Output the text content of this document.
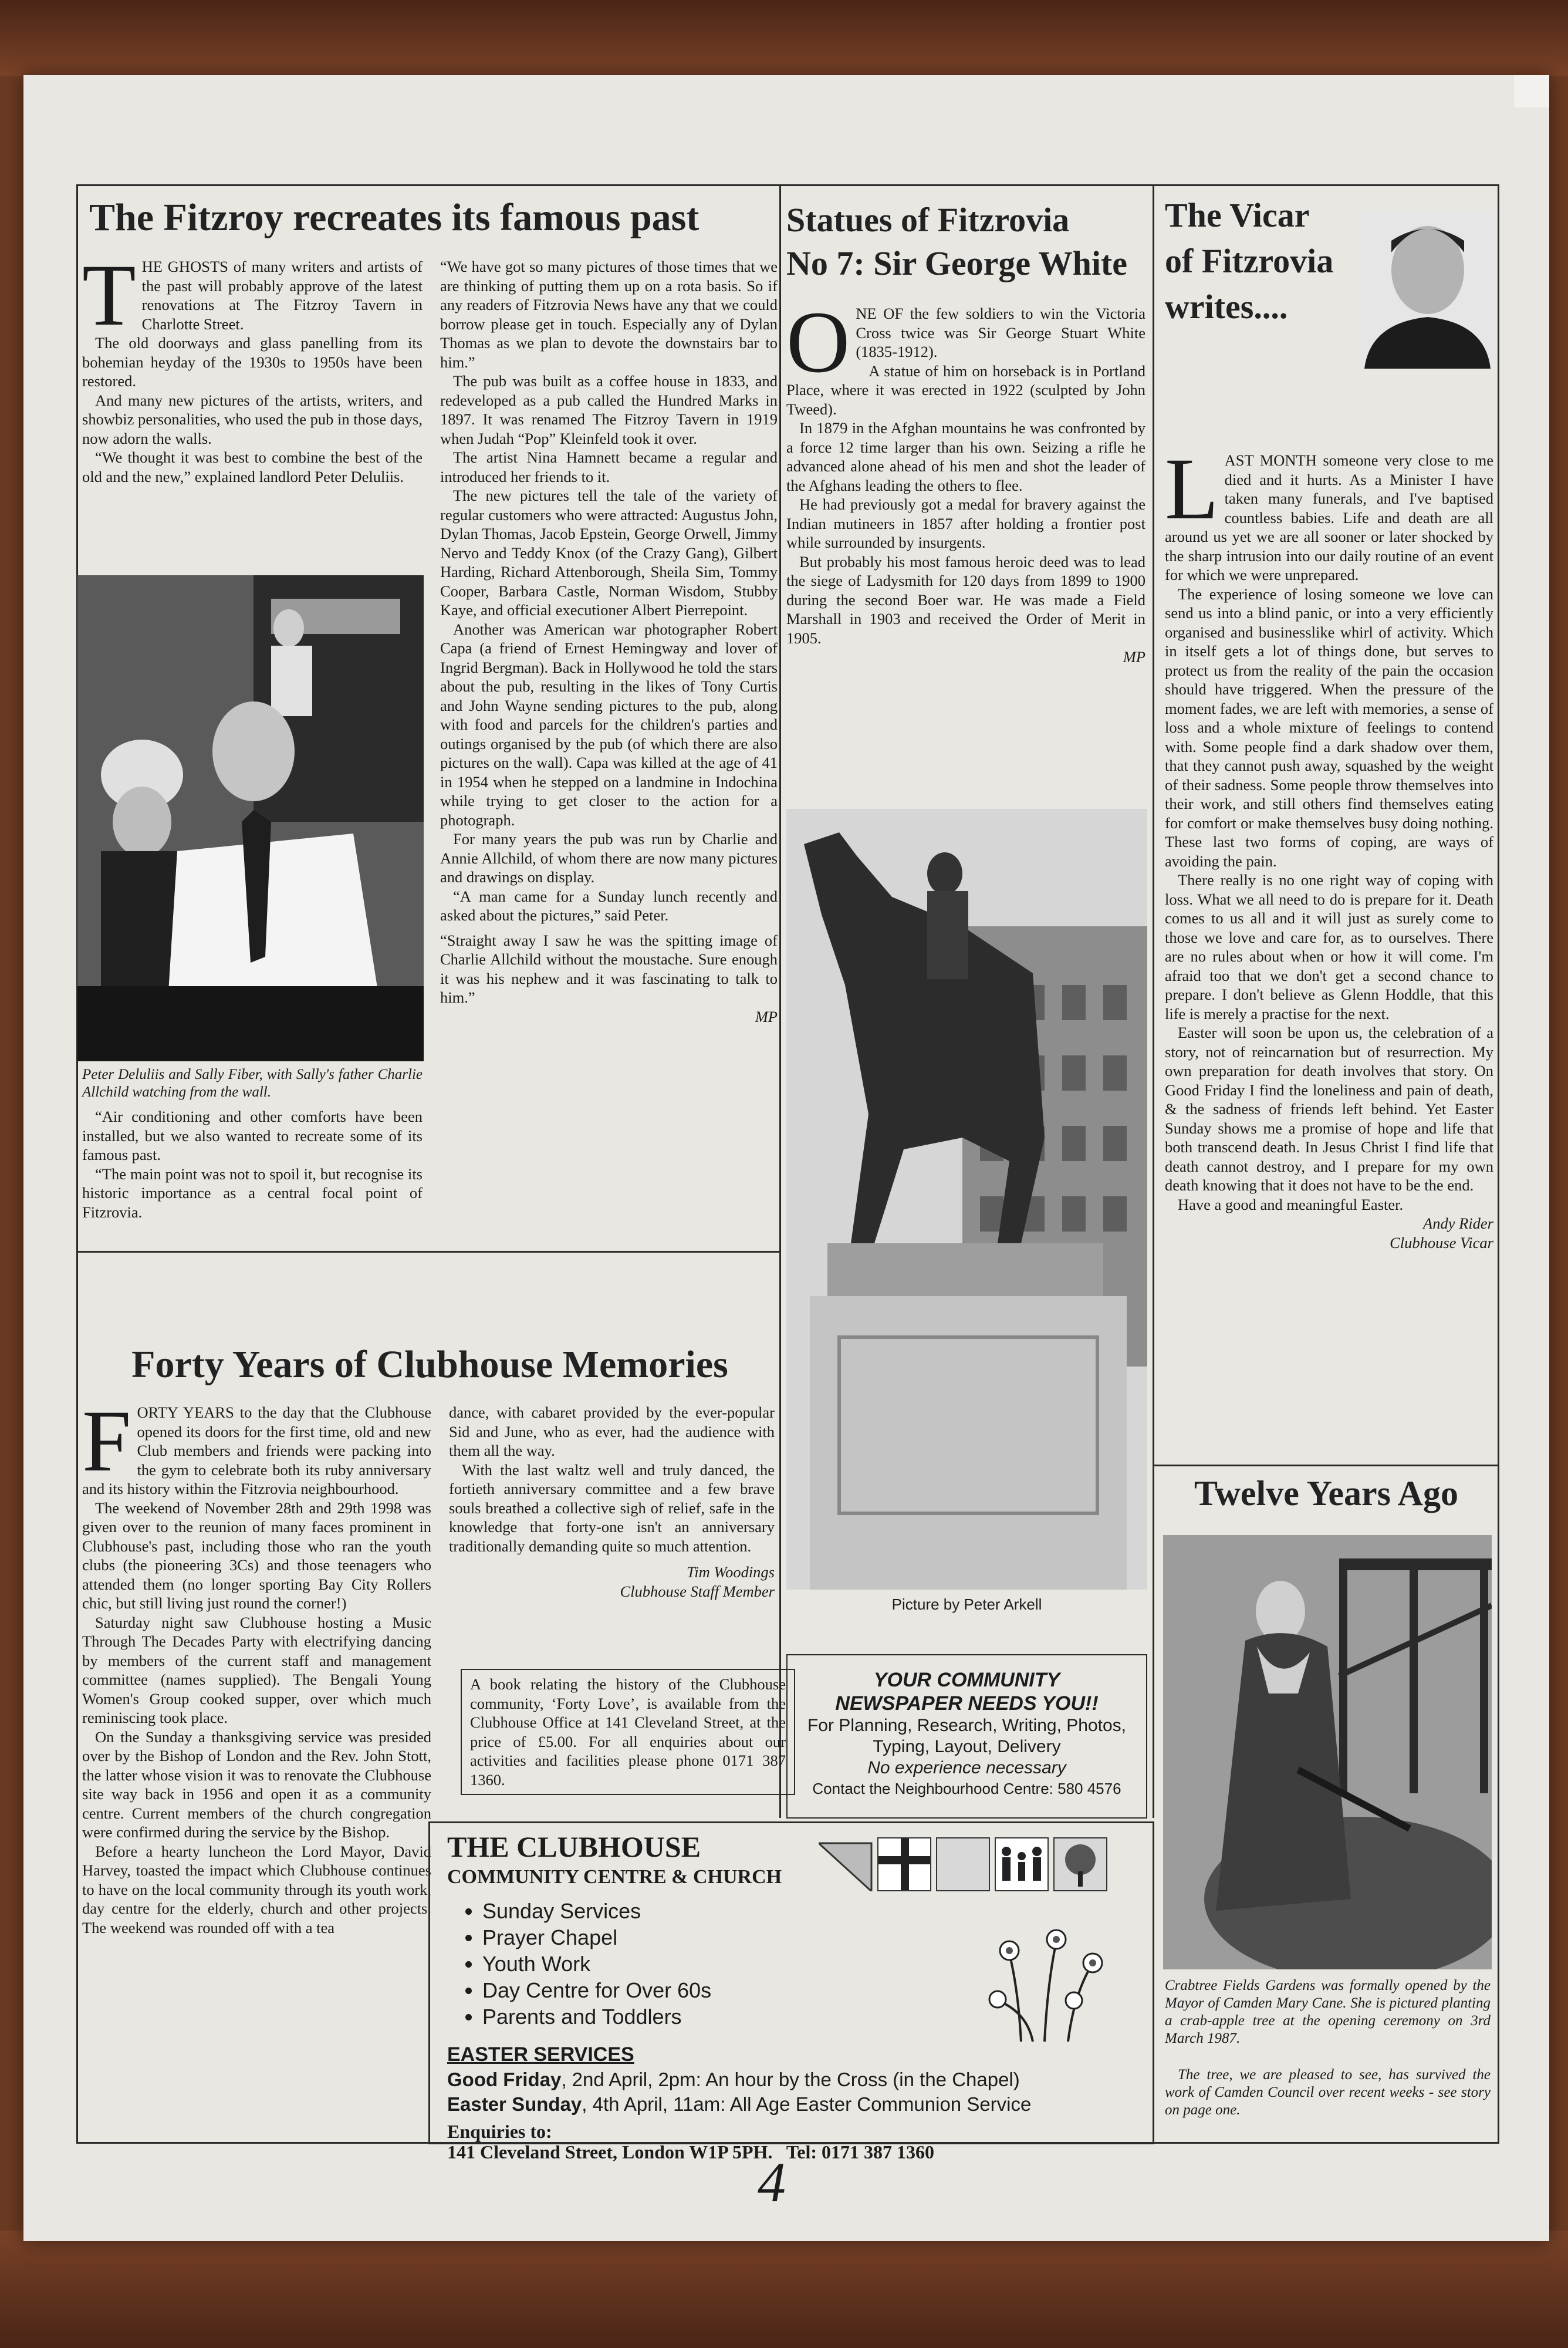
The Fitzroy recreates its famous past

THE GHOSTS of many writers and artists of the past will probably approve of the latest renovations at The Fitzroy Tavern in Charlotte Street.

The old doorways and glass panelling from its bohemian heyday of the 1930s to 1950s have been restored.

And many new pictures of the artists, writers, and showbiz personalities, who used the pub in those days, now adorn the walls.

“We thought it was best to combine the best of the old and the new,” explained landlord Peter Deluliis.

Peter Deluliis and Sally Fiber, with Sally's father Charlie Allchild watching from the wall.

“Air conditioning and other comforts have been installed, but we also wanted to recreate some of its famous past.

“The main point was not to spoil it, but recognise its historic importance as a central focal point of Fitzrovia.

“We have got so many pictures of those times that we are thinking of putting them up on a rota basis. So if any readers of Fitzrovia News have any that we could borrow please get in touch. Especially any of Dylan Thomas as we plan to devote the downstairs bar to him.”

The pub was built as a coffee house in 1833, and redeveloped as a pub called the Hundred Marks in 1897. It was renamed The Fitzroy Tavern in 1919 when Judah “Pop” Kleinfeld took it over.

The artist Nina Hamnett became a regular and introduced her friends to it.

The new pictures tell the tale of the variety of regular customers who were attracted: Augustus John, Dylan Thomas, Jacob Epstein, George Orwell, Jimmy Nervo and Teddy Knox (of the Crazy Gang), Gilbert Harding, Richard Attenborough, Sheila Sim, Tommy Cooper, Barbara Castle, Norman Wisdom, Stubby Kaye, and official executioner Albert Pierrepoint.

Another was American war photographer Robert Capa (a friend of Ernest Hemingway and lover of Ingrid Bergman). Back in Hollywood he told the stars about the pub, resulting in the likes of Tony Curtis and John Wayne sending pictures to the pub, along with food and parcels for the children's parties and outings organised by the pub (of which there are also pictures on the wall). Capa was killed at the age of 41 in 1954 when he stepped on a landmine in Indochina while trying to get closer to the action for a photograph.

For many years the pub was run by Charlie and Annie Allchild, of whom there are now many pictures and drawings on display.

“A man came for a Sunday lunch recently and asked about the pictures,” said Peter.

“Straight away I saw he was the spitting image of Charlie Allchild without the moustache. Sure enough it was his nephew and it was fascinating to talk to him.”

MP
Statues of Fitzrovia
No 7: Sir George White

ONE OF the few soldiers to win the Victoria Cross twice was Sir George Stuart White (1835-1912).

A statue of him on horseback is in Portland Place, where it was erected in 1922 (sculpted by John Tweed).

In 1879 in the Afghan mountains he was confronted by a force 12 time larger than his own. Seizing a rifle he advanced alone ahead of his men and shot the leader of the Afghans leading the others to flee.

He had previously got a medal for bravery against the Indian mutineers in 1857 after holding a frontier post while surrounded by insurgents.

But probably his most famous heroic deed was to lead the siege of Ladysmith for 120 days from 1899 to 1900 during the second Boer war. He was made a Field Marshall in 1903 and received the Order of Merit in 1905.

MP
Picture by Peter Arkell
The Vicar
of Fitzrovia
writes....

LAST MONTH someone very close to me died and it hurts. As a Minister I have taken many funerals, and I've baptised countless babies. Life and death are all around us yet we are all sooner or later shocked by the sharp intrusion into our daily routine of an event for which we were unprepared.

The experience of losing someone we love can send us into a blind panic, or into a very efficiently organised and businesslike whirl of activity. Which in itself gets a lot of things done, but serves to protect us from the reality of the pain the occasion should have triggered. When the pressure of the moment fades, we are left with memories, a sense of loss and a whole mixture of feelings to contend with. Some people find a dark shadow over them, that they cannot push away, squashed by the weight of their sadness. Some people throw themselves into their work, and still others find themselves eating for comfort or make themselves busy doing nothing. These last two forms of coping, are ways of avoiding the pain.

There really is no one right way of coping with loss. What we all need to do is prepare for it. Death comes to us all and it will just as surely come to those we love and care for, as to ourselves. There are no rules about when or how it will come. I'm afraid too that we don't get a second chance to prepare. I don't believe as Glenn Hoddle, that this life is merely a practise for the next.

Easter will soon be upon us, the celebration of a story, not of reincarnation but of resurrection. My own preparation for death involves that story. On Good Friday I find the loneliness and pain of death, & the sadness of friends left behind. Yet Easter Sunday shows me a promise of hope and life that both transcend death. In Jesus Christ I find life that death cannot destroy, and I prepare for my own death knowing that it does not have to be the end.

Have a good and meaningful Easter.

Andy Rider
Clubhouse Vicar
Forty Years of Clubhouse Memories

FORTY YEARS to the day that the Clubhouse opened its doors for the first time, old and new Club members and friends were packing into the gym to celebrate both its ruby anniversary and its history within the Fitzrovia neighbourhood.

The weekend of November 28th and 29th 1998 was given over to the reunion of many faces prominent in Clubhouse's past, including those who ran the youth clubs (the pioneering 3Cs) and those teenagers who attended them (no longer sporting Bay City Rollers chic, but still living just round the corner!)

Saturday night saw Clubhouse hosting a Music Through The Decades Party with electrifying dancing by members of the current staff and management committee (names supplied). The Bengali Young Women's Group cooked supper, over which much reminiscing took place.

On the Sunday a thanksgiving service was presided over by the Bishop of London and the Rev. John Stott, the latter whose vision it was to renovate the Clubhouse site way back in 1956 and open it as a community centre. Current members of the church congregation were confirmed during the service by the Bishop.

Before a hearty luncheon the Lord Mayor, David Harvey, toasted the impact which Clubhouse continues to have on the local community through its youth work, day centre for the elderly, church and other projects. The weekend was rounded off with a tea

dance, with cabaret provided by the ever-popular Sid and June, who as ever, had the audience with them all the way.

With the last waltz well and truly danced, the fortieth anniversary committee and a few brave souls breathed a collective sigh of relief, safe in the knowledge that forty-one isn't an anniversary traditionally demanding quite so much attention.

Tim Woodings
Clubhouse Staff Member
A book relating the history of the Clubhouse community, ‘Forty Love’, is available from the Clubhouse Office at 141 Cleveland Street, at the price of £5.00. For all enquiries about our activities and facilities please phone 0171 387 1360.
YOUR COMMUNITY
NEWSPAPER NEEDS YOU!!
For Planning, Research, Writing, Photos,
Typing, Layout, Delivery
No experience necessary
Contact the Neighbourhood Centre: 580 4576
THE CLUBHOUSE
COMMUNITY CENTRE & CHURCH
• Sunday Services
• Prayer Chapel
• Youth Work
• Day Centre for Over 60s
• Parents and Toddlers
EASTER SERVICES
Good Friday, 2nd April, 2pm: An hour by the Cross (in the Chapel)
Easter Sunday, 4th April, 11am: All Age Easter Communion Service
Enquiries to:
141 Cleveland Street, London W1P 5PH.   Tel: 0171 387 1360
Twelve Years Ago
Crabtree Fields Gardens was formally opened by the Mayor of Camden Mary Cane. She is pictured planting a crab-apple tree at the opening ceremony on 3rd March 1987.
The tree, we are pleased to see, has survived the work of Camden Council over recent weeks - see story on page one.
4
